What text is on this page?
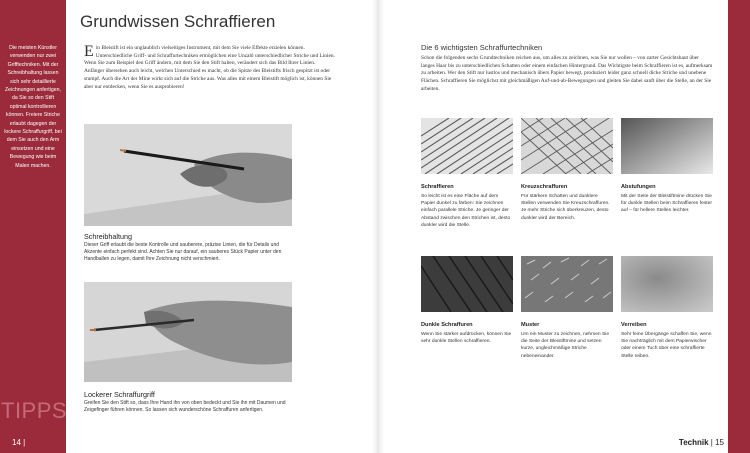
Die meisten Künstler verwenden nur zwei Grifftechniken. Mit der Schreibhaltung lassen sich sehr detaillierte Zeichnungen anfertigen, da Sie so den Stift optimal kontrollieren können. Freiere Striche erlaubt dagegen der lockere Schraffurgriff, bei dem Sie auch den Arm einsetzen und eine Bewegung wie beim Malen machen.
TIPPS
14 |
Grundwissen Schraffieren
Ein Bleistift ist ein unglaublich vielseitiges Instrument, mit dem Sie viele Effekte erzielen können. Unterschiedliche Griff- und Schraffurtechniken ermöglichen eine Unzahl unterschiedlicher Striche und Linien. Wenn Sie zum Beispiel den Griff ändern, mit dem Sie den Stift halten, verändert sich das Bild Ihrer Linien. Anfänger übersehen auch leicht, welchen Unterschied es macht, ob die Spitze des Bleistifts frisch gespitzt ist oder stumpf. Auch die Art der Mine wirkt sich auf die Striche aus. Was alles mit einem Bleistift möglich ist, können Sie aber nur entdecken, wenn Sie es ausprobieren!
Schreibhaltung
Dieser Griff erlaubt die beste Kontrolle und sauberere, präzise Linien, die für Details und Akzente einfach perfekt sind. Achten Sie nur darauf, ein sauberes Stück Papier unter den Handballen zu legen, damit Ihre Zeichnung nicht verschmiert.
Lockerer Schraffurgriff
Greifen Sie den Stift so, dass Ihre Hand ihn von oben bedeckt und Sie ihn mit Daumen und Zeigefinger führen können. So lassen sich wunderschöne Schraffuren anfertigen.
Die 6 wichtigsten Schraffurtechniken
Schon die folgenden sechs Grundtechniken reichen aus, um alles zu zeichnen, was Sie nur wollen – von zarter Gesichtshaut über langes Haar bis zu unterschiedlichen Schatten oder einem einfachen Hintergrund. Das Wichtigste beim Schraffieren ist es, aufmerksam zu arbeiten. Wer den Stift nur lustlos und mechanisch übers Papier bewegt, produziert leider ganz schnell dicke Striche und unebene Flächen. Schraffieren Sie möglichst mit gleichmäßigen Auf-und-ab-Bewegungen und gleiten Sie dabei sanft über die Stelle, an der Sie arbeiten.
Schraffieren
So leicht ist es eine Fläche auf dem Papier dunkel zu färben: Sie zeichnen einfach parallele Striche. Je geringer der Abstand zwischen den Strichen ist, desto dunkler wird die Stelle.
Kreuzschraffuren
Für stärkere Schatten und dunklere Stellen verwenden Sie Kreuzschraffuren. Je mehr Striche sich überkreuzen, desto dunkler wird der Bereich.
Abstufungen
Mit der Seite der Bleistiftmine drücken Sie für dunkle Stellen beim Schraffieren fester auf – für hellere Stellen leichter.
Dunkle Schraffuren
Wenn Sie stärker aufdrücken, können Sie sehr dunkle Stellen schraffieren.
Muster
Um ein Muster zu zeichnen, nehmen Sie die Seite der Bleistiftmine und setzen kurze, ungleichmäßige Striche nebeneinander.
Verreiben
Sehr feine Übergänge schaffen Sie, wenn Sie nachträglich mit dem Papierwischer oder einem Tuch über eine schraffierte Stelle reiben.
Technik | 15
